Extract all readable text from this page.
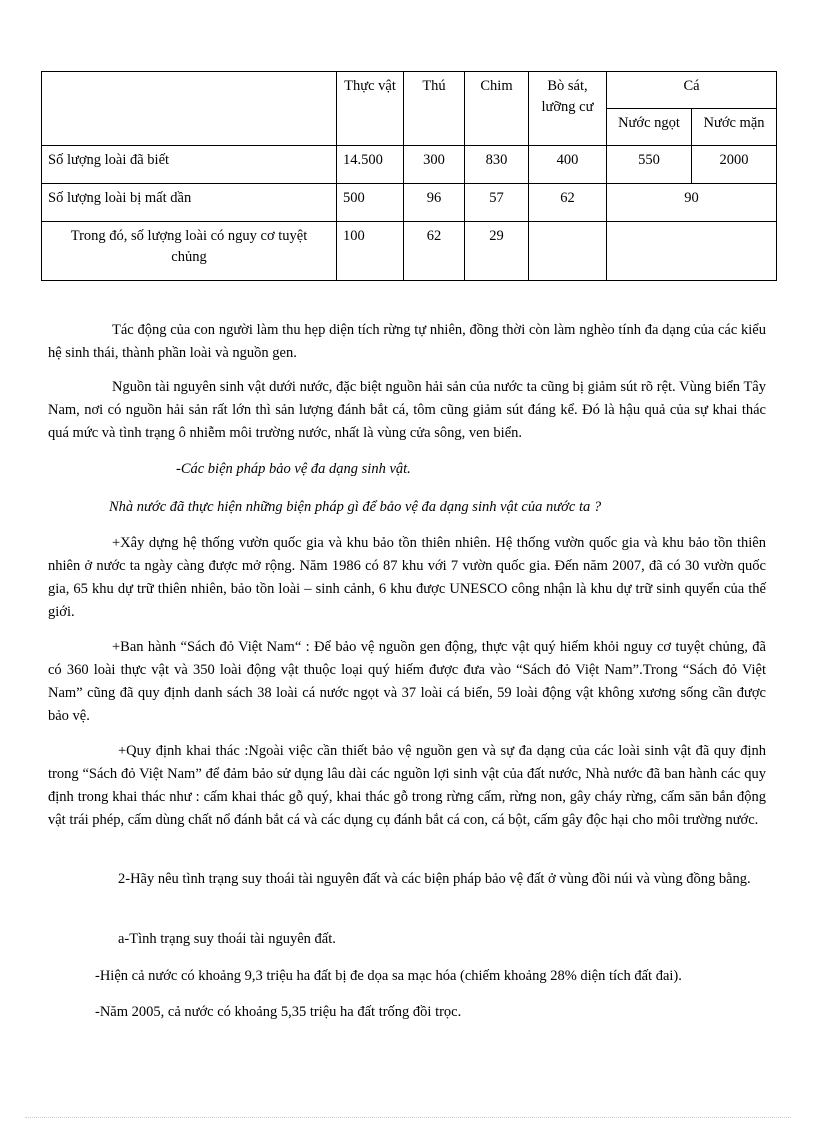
	Thực vật	Thú	Chim	Bò sát, lưỡng cư	Cá	
					Nước ngọt	Nước mặn
Số lượng loài đã biết	14.500	300	830	400	550	2000
Số lượng loài bị mất dần	500	96	57	62	90	
Trong đó, số lượng loài có nguy cơ tuyệt chủng	100	62	29			

Tác động của con người làm thu hẹp diện tích rừng tự nhiên, đồng thời còn làm nghèo tính đa dạng của các kiểu hệ sinh thái, thành phần loài và nguồn gen.

Nguồn tài nguyên sinh vật dưới nước, đặc biệt nguồn hải sản của nước ta cũng bị giảm sút rõ rệt. Vùng biển Tây Nam, nơi có nguồn hải sản rất lớn thì sản lượng đánh bắt cá, tôm cũng giảm sút đáng kể. Đó là hậu quả của sự khai thác quá mức và tình trạng ô nhiễm môi trường nước, nhất là vùng cửa sông, ven biển.

-Các biện pháp bảo vệ đa dạng sinh vật.

Nhà nước đã thực hiện những biện pháp gì để bảo vệ đa dạng sinh vật của nước ta ?

+Xây dựng hệ thống vườn quốc gia và khu bảo tồn thiên nhiên. Hệ thống vườn quốc gia và khu bảo tồn thiên nhiên ở nước ta ngày càng được mở rộng. Năm 1986 có 87 khu với 7 vườn quốc gia. Đến năm 2007, đã có 30 vườn quốc gia, 65 khu dự trữ thiên nhiên, bảo tồn loài – sinh cảnh, 6 khu được UNESCO công nhận là khu dự trữ sinh quyển của thế giới.

+Ban hành “Sách đỏ Việt Nam“ : Để bảo vệ nguồn gen động, thực vật quý hiếm khỏi nguy cơ tuyệt chủng, đã có 360 loài thực vật và 350 loài động vật thuộc loại quý hiếm được đưa vào “Sách đỏ Việt Nam”.Trong “Sách đỏ Việt Nam” cũng đã quy định danh sách 38 loài cá nước ngọt và 37 loài cá biển, 59 loài động vật không xương sống cần được bảo vệ.

+Quy định khai thác :Ngoài việc cần thiết bảo vệ nguồn gen và sự đa dạng của các loài sinh vật đã quy định trong “Sách đỏ Việt Nam” để đảm bảo sử dụng lâu dài các nguồn lợi sinh vật của đất nước, Nhà nước đã ban hành các quy định trong khai thác như : cấm khai thác gỗ quý, khai thác gỗ trong rừng cấm, rừng non, gây cháy rừng, cấm săn bắn động vật trái phép, cấm dùng chất nổ đánh bắt cá và các dụng cụ đánh bắt cá con, cá bột, cấm gây độc hại cho môi trường nước.

2-Hãy nêu tình trạng suy thoái tài nguyên đất và các biện pháp bảo vệ đất ở vùng đồi núi và vùng đồng bằng.

a-Tình trạng suy thoái tài nguyên đất.

-Hiện cả nước có khoảng 9,3 triệu ha đất bị đe dọa sa mạc hóa (chiếm khoảng 28% diện tích đất đai).

-Năm 2005, cả nước có khoảng 5,35 triệu ha đất trống đồi trọc.
